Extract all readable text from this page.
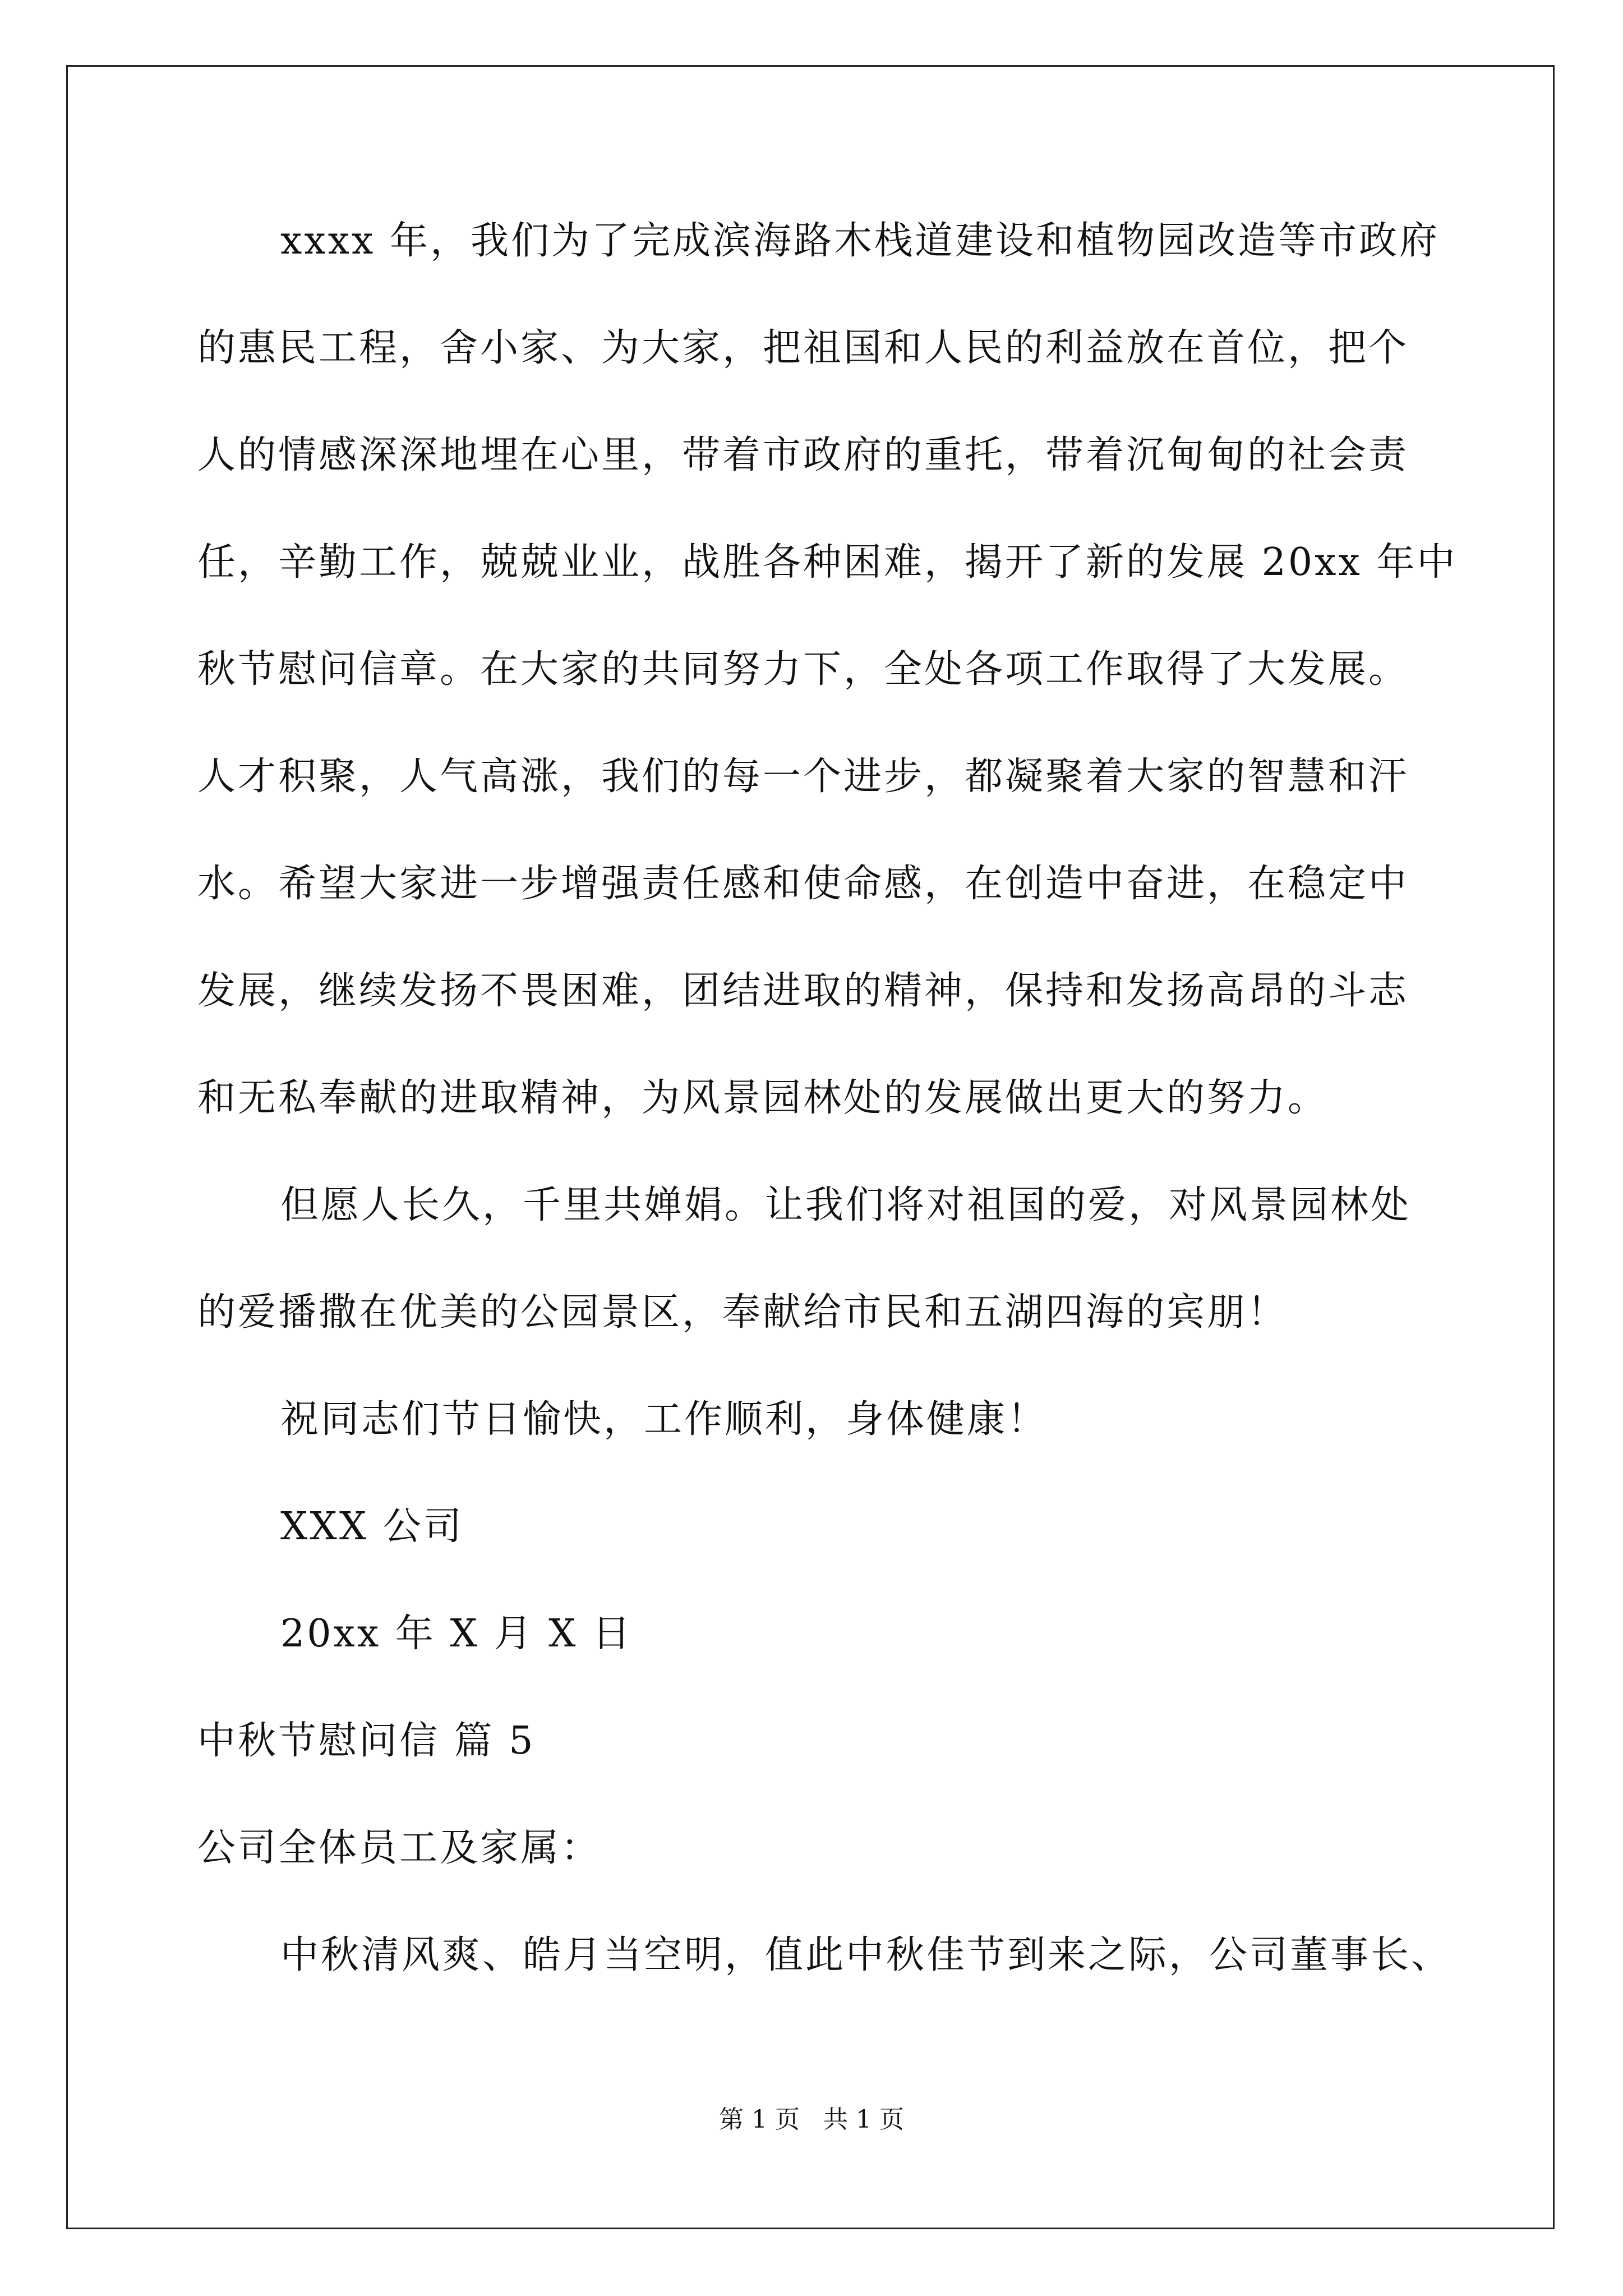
xxxx 年，我们为了完成滨海路木栈道建设和植物园改造等市政府
的惠民工程，舍小家、为大家，把祖国和人民的利益放在首位，把个
人的情感深深地埋在心里，带着市政府的重托，带着沉甸甸的社会责
任，辛勤工作，兢兢业业，战胜各种困难，揭开了新的发展 20xx 年中
秋节慰问信章。在大家的共同努力下，全处各项工作取得了大发展。
人才积聚，人气高涨，我们的每一个进步，都凝聚着大家的智慧和汗
水。希望大家进一步增强责任感和使命感，在创造中奋进，在稳定中
发展，继续发扬不畏困难，团结进取的精神，保持和发扬高昂的斗志
和无私奉献的进取精神，为风景园林处的发展做出更大的努力。
但愿人长久，千里共婵娟。让我们将对祖国的爱，对风景园林处
的爱播撒在优美的公园景区，奉献给市民和五湖四海的宾朋！
祝同志们节日愉快，工作顺利，身体健康！
XXX 公司
20xx 年 X 月 X 日
中秋节慰问信 篇 5
公司全体员工及家属：
中秋清风爽、皓月当空明，值此中秋佳节到来之际，公司董事长、
第 1 页   共 1 页
